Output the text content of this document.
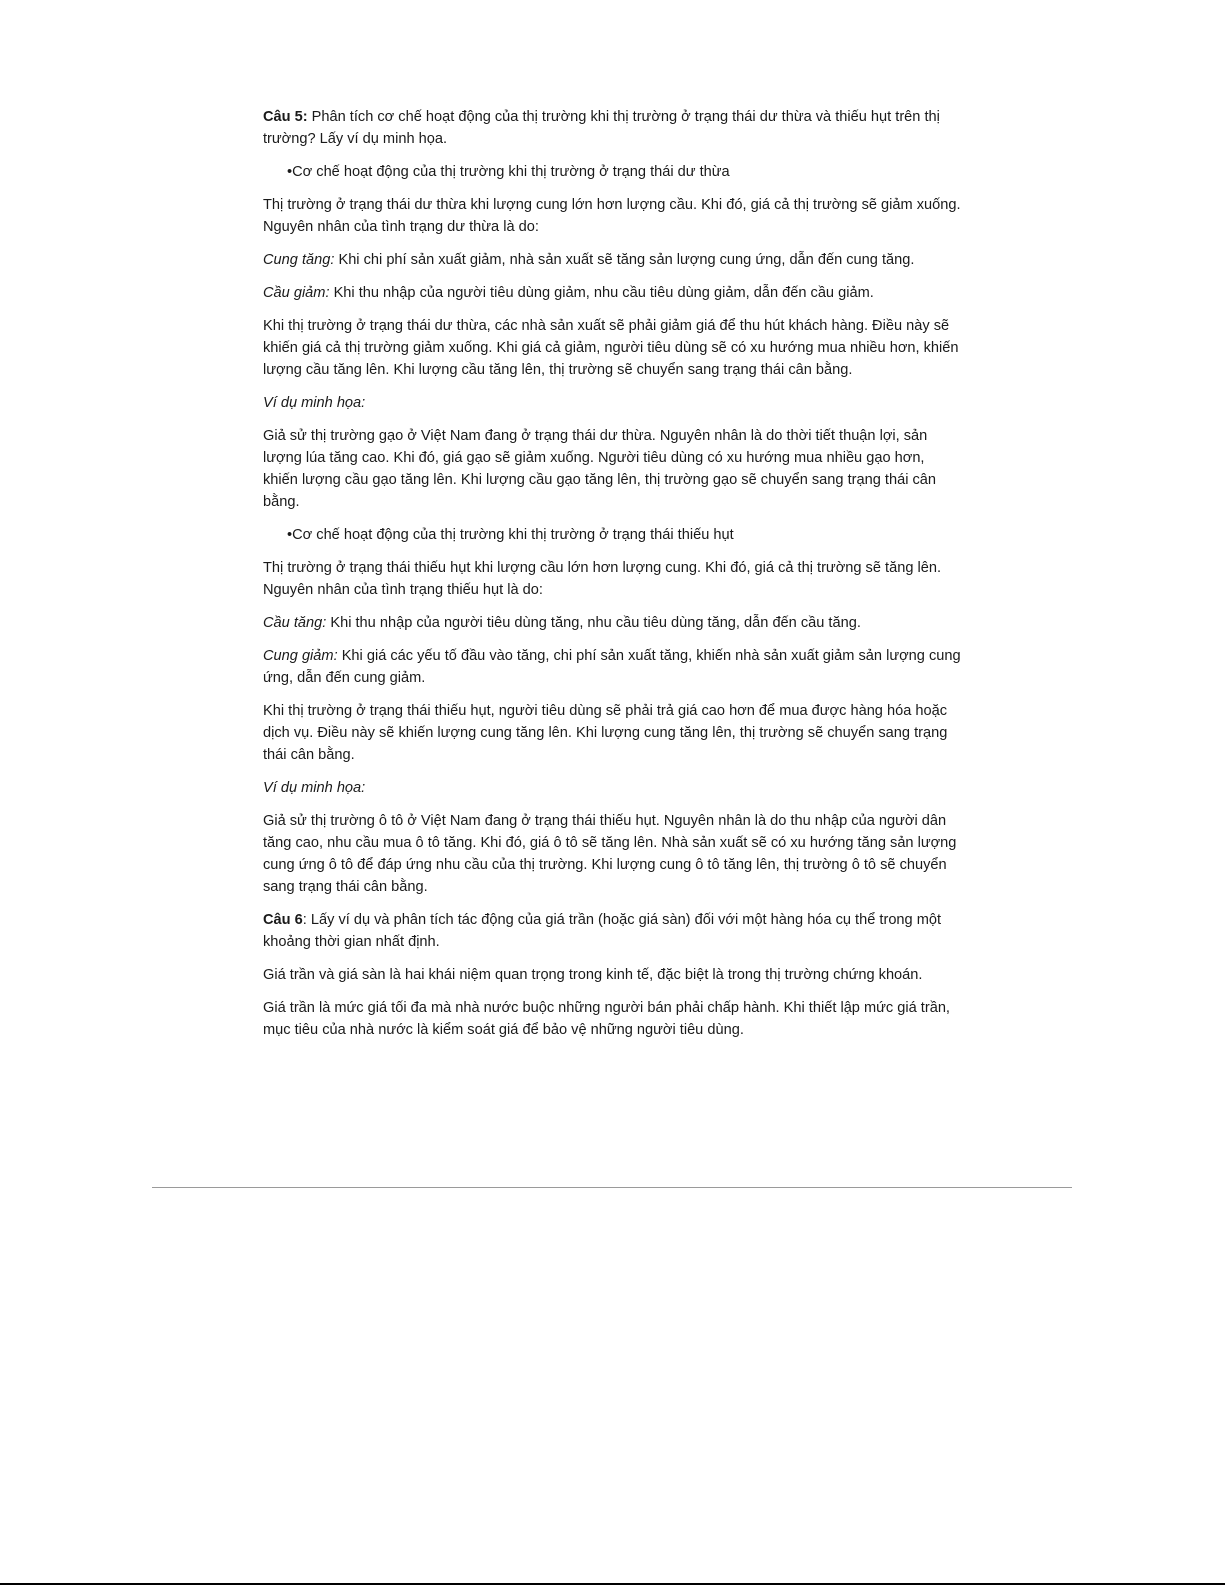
Câu 5: Phân tích cơ chế hoạt động của thị trường khi thị trường ở trạng thái dư thừa và thiếu hụt trên thị trường? Lấy ví dụ minh họa.

•Cơ chế hoạt động của thị trường khi thị trường ở trạng thái dư thừa

Thị trường ở trạng thái dư thừa khi lượng cung lớn hơn lượng cầu. Khi đó, giá cả thị trường sẽ giảm xuống. Nguyên nhân của tình trạng dư thừa là do:

Cung tăng: Khi chi phí sản xuất giảm, nhà sản xuất sẽ tăng sản lượng cung ứng, dẫn đến cung tăng.

Cầu giảm: Khi thu nhập của người tiêu dùng giảm, nhu cầu tiêu dùng giảm, dẫn đến cầu giảm.

Khi thị trường ở trạng thái dư thừa, các nhà sản xuất sẽ phải giảm giá để thu hút khách hàng. Điều này sẽ khiến giá cả thị trường giảm xuống. Khi giá cả giảm, người tiêu dùng sẽ có xu hướng mua nhiều hơn, khiến lượng cầu tăng lên. Khi lượng cầu tăng lên, thị trường sẽ chuyển sang trạng thái cân bằng.

Ví dụ minh họa:

Giả sử thị trường gạo ở Việt Nam đang ở trạng thái dư thừa. Nguyên nhân là do thời tiết thuận lợi, sản lượng lúa tăng cao. Khi đó, giá gạo sẽ giảm xuống. Người tiêu dùng có xu hướng mua nhiều gạo hơn, khiến lượng cầu gạo tăng lên. Khi lượng cầu gạo tăng lên, thị trường gạo sẽ chuyển sang trạng thái cân bằng.

•Cơ chế hoạt động của thị trường khi thị trường ở trạng thái thiếu hụt

Thị trường ở trạng thái thiếu hụt khi lượng cầu lớn hơn lượng cung. Khi đó, giá cả thị trường sẽ tăng lên. Nguyên nhân của tình trạng thiếu hụt là do:

Cầu tăng: Khi thu nhập của người tiêu dùng tăng, nhu cầu tiêu dùng tăng, dẫn đến cầu tăng.

Cung giảm: Khi giá các yếu tố đầu vào tăng, chi phí sản xuất tăng, khiến nhà sản xuất giảm sản lượng cung ứng, dẫn đến cung giảm.

Khi thị trường ở trạng thái thiếu hụt, người tiêu dùng sẽ phải trả giá cao hơn để mua được hàng hóa hoặc dịch vụ. Điều này sẽ khiến lượng cung tăng lên. Khi lượng cung tăng lên, thị trường sẽ chuyển sang trạng thái cân bằng.

Ví dụ minh họa:

Giả sử thị trường ô tô ở Việt Nam đang ở trạng thái thiếu hụt. Nguyên nhân là do thu nhập của người dân tăng cao, nhu cầu mua ô tô tăng. Khi đó, giá ô tô sẽ tăng lên. Nhà sản xuất sẽ có xu hướng tăng sản lượng cung ứng ô tô để đáp ứng nhu cầu của thị trường. Khi lượng cung ô tô tăng lên, thị trường ô tô sẽ chuyển sang trạng thái cân bằng.

Câu 6: Lấy ví dụ và phân tích tác động của giá trần (hoặc giá sàn) đối với một hàng hóa cụ thể trong một khoảng thời gian nhất định.

Giá trần và giá sàn là hai khái niệm quan trọng trong kinh tế, đặc biệt là trong thị trường chứng khoán.

Giá trần là mức giá tối đa mà nhà nước buộc những người bán phải chấp hành. Khi thiết lập mức giá trần, mục tiêu của nhà nước là kiểm soát giá để bảo vệ những người tiêu dùng.
